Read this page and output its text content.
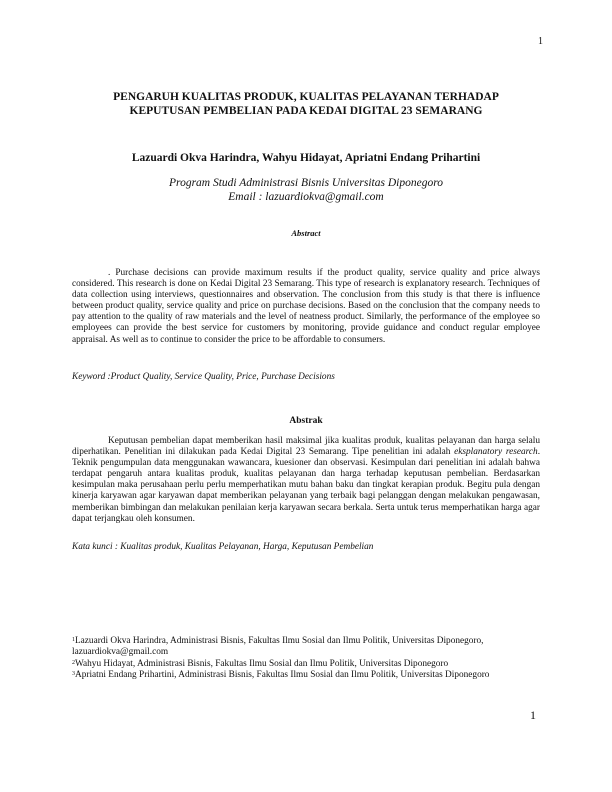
1
PENGARUH KUALITAS PRODUK, KUALITAS PELAYANAN TERHADAP
KEPUTUSAN PEMBELIAN PADA KEDAI DIGITAL 23 SEMARANG
Lazuardi Okva Harindra, Wahyu Hidayat, Apriatni Endang Prihartini
Program Studi Administrasi Bisnis Universitas Diponegoro
Email : lazuardiokva@gmail.com
Abstract

. Purchase decisions can provide maximum results if the product quality, service quality and price always considered. This research is done on Kedai Digital 23 Semarang. This type of research is explanatory research. Techniques of data collection using interviews, questionnaires and observation. The conclusion from this study is that there is influence between product quality, service quality and price on purchase decisions. Based on the conclusion that the company needs to pay attention to the quality of raw materials and the level of neatness product. Similarly, the performance of the employee so employees can provide the best service for customers by monitoring, provide guidance and conduct regular employee appraisal. As well as to continue to consider the price to be affordable to consumers.

Keyword :Product Quality, Service Quality, Price, Purchase Decisions
Abstrak

Keputusan pembelian dapat memberikan hasil maksimal jika kualitas produk, kualitas pelayanan dan harga selalu diperhatikan. Penelitian ini dilakukan pada Kedai Digital 23 Semarang. Tipe penelitian ini adalah eksplanatory research. Teknik pengumpulan data menggunakan wawancara, kuesioner dan observasi. Kesimpulan dari penelitian ini adalah bahwa terdapat pengaruh antara kualitas produk, kualitas pelayanan dan harga terhadap keputusan pembelian. Berdasarkan kesimpulan maka perusahaan perlu perlu memperhatikan mutu bahan baku dan tingkat kerapian produk. Begitu pula dengan kinerja karyawan agar karyawan dapat memberikan pelayanan yang terbaik bagi pelanggan dengan melakukan pengawasan, memberikan bimbingan dan melakukan penilaian kerja karyawan secara berkala. Serta untuk terus memperhatikan harga agar dapat terjangkau oleh konsumen.

Kata kunci : Kualitas produk, Kualitas Pelayanan, Harga, Keputusan Pembelian

$^1$Lazuardi Okva Harindra, Administrasi Bisnis, Fakultas Ilmu Sosial dan Ilmu Politik, Universitas Diponegoro, lazuardiokva@gmail.com

$^2$Wahyu Hidayat, Administrasi Bisnis, Fakultas Ilmu Sosial dan Ilmu Politik, Universitas Diponegoro

$^3$Apriatni Endang Prihartini, Administrasi Bisnis, Fakultas Ilmu Sosial dan Ilmu Politik, Universitas Diponegoro

1
